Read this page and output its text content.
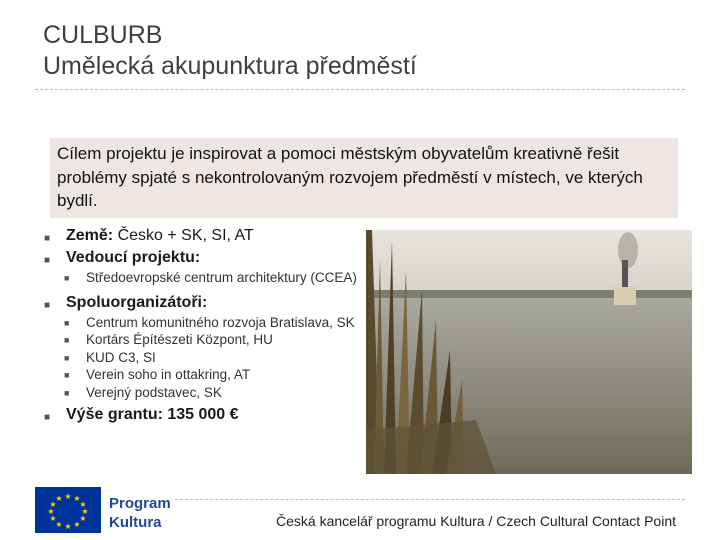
CULBURB
Umělecká akupunktura předměstí
Cílem projektu je inspirovat a pomoci městským obyvatelům kreativně řešit problémy spjaté s nekontrolovaným rozvojem předměstí v místech, ve kterých bydlí.
■ Země: Česko + SK, SI, AT
■ Vedoucí projektu:
■ Středoevropské centrum architektury (CCEA)
■ Spoluorganizátoři:
■ Centrum komunitného rozvoja Bratislava, SK
■ Kortárs Építészeti Központ, HU
■ KUD C3, SI
■ Verein soho in ottakring, AT
■ Verejný podstavec, SK
■ Výše grantu: 135 000 €
★ ★
★
★
★
★
★
★
★
★
★
★	Program
Kultura	Česká kancelář programu Kultura / Czech Cultural Contact Point
